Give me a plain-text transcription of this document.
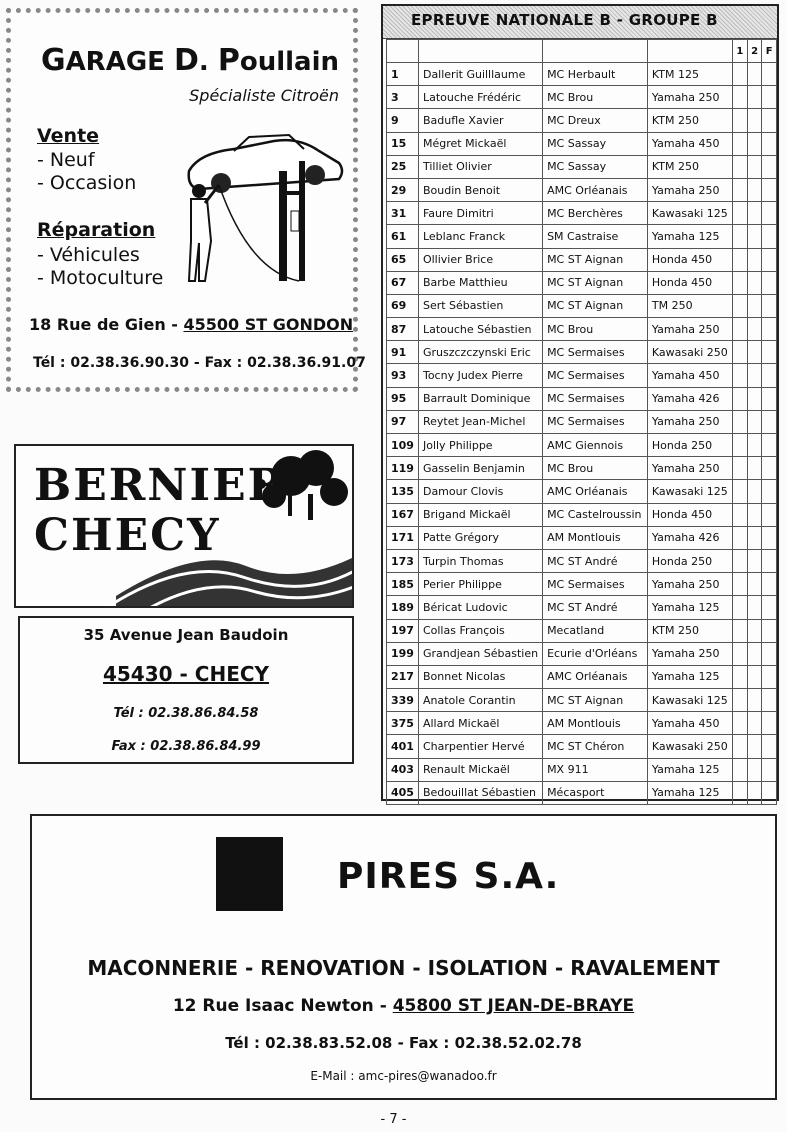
GARAGE D. Poullain
Spécialiste Citroën
Vente
- Neuf
- Occasion
Réparation
- Véhicules
- Motoculture
18 Rue de Gien - 45500 ST GONDON
Tél : 02.38.36.90.30 - Fax : 02.38.36.91.07
BERNIER
CHECY
35 Avenue Jean Baudoin
45430 - CHECY
Tél : 02.38.86.84.58
Fax : 02.38.86.84.99
EPREUVE NATIONALE B - GROUPE B
				1	2	F
1	Dallerit Guilllaume	MC Herbault	KTM 125			
3	Latouche Frédéric	MC Brou	Yamaha 250			
9	Badufle Xavier	MC Dreux	KTM 250			
15	Mégret Mickaël	MC Sassay	Yamaha 450			
25	Tilliet Olivier	MC Sassay	KTM 250			
29	Boudin Benoit	AMC Orléanais	Yamaha 250			
31	Faure Dimitri	MC Berchères	Kawasaki 125			
61	Leblanc Franck	SM Castraise	Yamaha 125			
65	Ollivier Brice	MC ST Aignan	Honda 450			
67	Barbe Matthieu	MC ST Aignan	Honda 450			
69	Sert Sébastien	MC ST Aignan	TM 250			
87	Latouche Sébastien	MC Brou	Yamaha 250			
91	Gruszczczynski Eric	MC Sermaises	Kawasaki 250			
93	Tocny Judex Pierre	MC Sermaises	Yamaha 450			
95	Barrault Dominique	MC Sermaises	Yamaha 426			
97	Reytet Jean-Michel	MC Sermaises	Yamaha 250			
109	Jolly Philippe	AMC Giennois	Honda 250			
119	Gasselin Benjamin	MC Brou	Yamaha 250			
135	Damour Clovis	AMC Orléanais	Kawasaki 125			
167	Brigand Mickaël	MC Castelroussin	Honda 450			
171	Patte Grégory	AM Montlouis	Yamaha 426			
173	Turpin Thomas	MC ST André	Honda 250			
185	Perier Philippe	MC Sermaises	Yamaha 250			
189	Béricat Ludovic	MC ST André	Yamaha 125			
197	Collas François	Mecatland	KTM 250			
199	Grandjean Sébastien	Ecurie d'Orléans	Yamaha 250			
217	Bonnet Nicolas	AMC Orléanais	Yamaha 125			
339	Anatole Corantin	MC ST Aignan	Kawasaki 125			
375	Allard Mickaël	AM Montlouis	Yamaha 450			
401	Charpentier Hervé	MC ST Chéron	Kawasaki 250			
403	Renault Mickaël	MX 911	Yamaha 125			
405	Bedouillat Sébastien	Mécasport	Yamaha 125			
PIRES S.A.
MACONNERIE - RENOVATION - ISOLATION - RAVALEMENT
12 Rue Isaac Newton - 45800 ST JEAN-DE-BRAYE
Tél : 02.38.83.52.08 - Fax : 02.38.52.02.78
E-Mail : amc-pires@wanadoo.fr
- 7 -
